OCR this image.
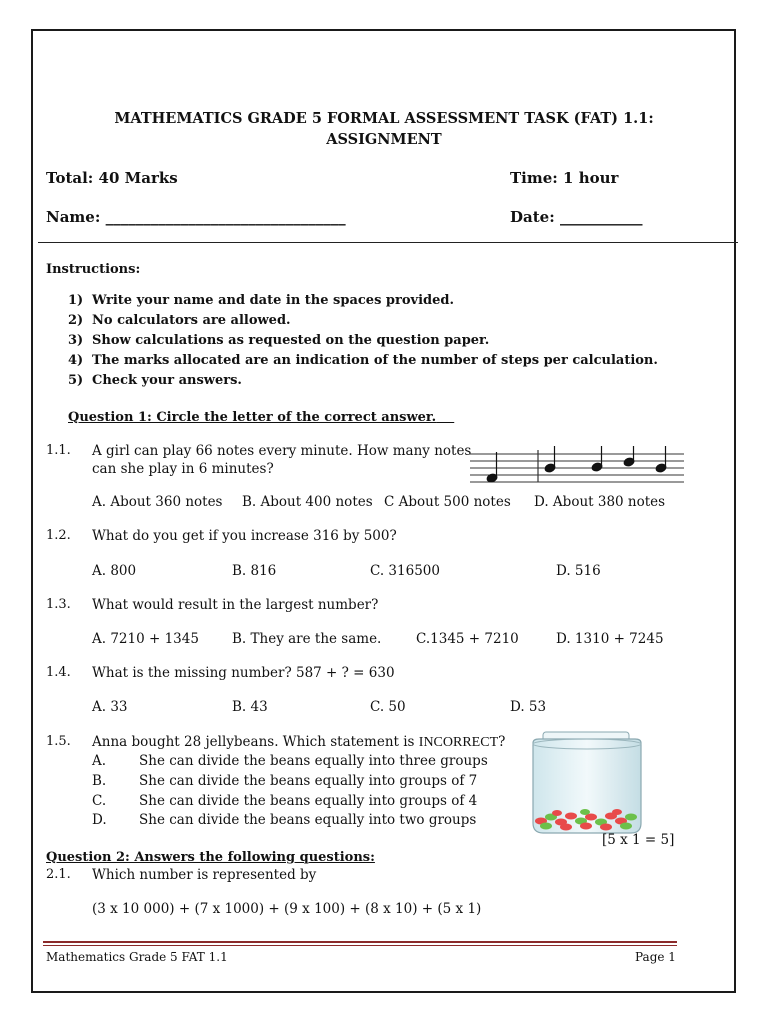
MATHEMATICS GRADE 5 FORMAL ASSESSMENT TASK (FAT) 1.1:
ASSIGNMENT
Total: 40 Marks	Time: 1 hour
Name: ________________________________	Date: ___________
Instructions:
1) Write your name and date in the spaces provided.
2) No calculators are allowed.
3) Show calculations as requested on the question paper.
4) The marks allocated are an indication of the number of steps per calculation.
5) Check your answers.
Question 1: Circle the letter of the correct answer.
1.1. A girl can play 66 notes every minute. How many notes
can she play in 6 minutes?
A. About 360 notes B. About 400 notes C About 500 notes D. About 380 notes
1.2. What do you get if you increase 316 by 500?
A. 800	B. 816	C. 316500	D. 516
1.3. What would result in the largest number?
A. 7210 + 1345 B. They are the same.	C.1345 + 7210	D. 1310 + 7245
1.4. What is the missing number? 587 + ? = 630
A. 33	B. 43	C. 50	D. 53
1.5. Anna bought 28 jellybeans. Which statement is INCORRECT?
A. She can divide the beans equally into three groups
B. She can divide the beans equally into groups of 7
C. She can divide the beans equally into groups of 4
D. She can divide the beans equally into two groups
[5 x 1 = 5]
Question 2: Answers the following questions:
2.1. Which number is represented by
(3 x 10 000) + (7 x 1000) + (9 x 100) + (8 x 10) + (5 x 1)
Mathematics Grade 5 FAT 1.1	Page 1
